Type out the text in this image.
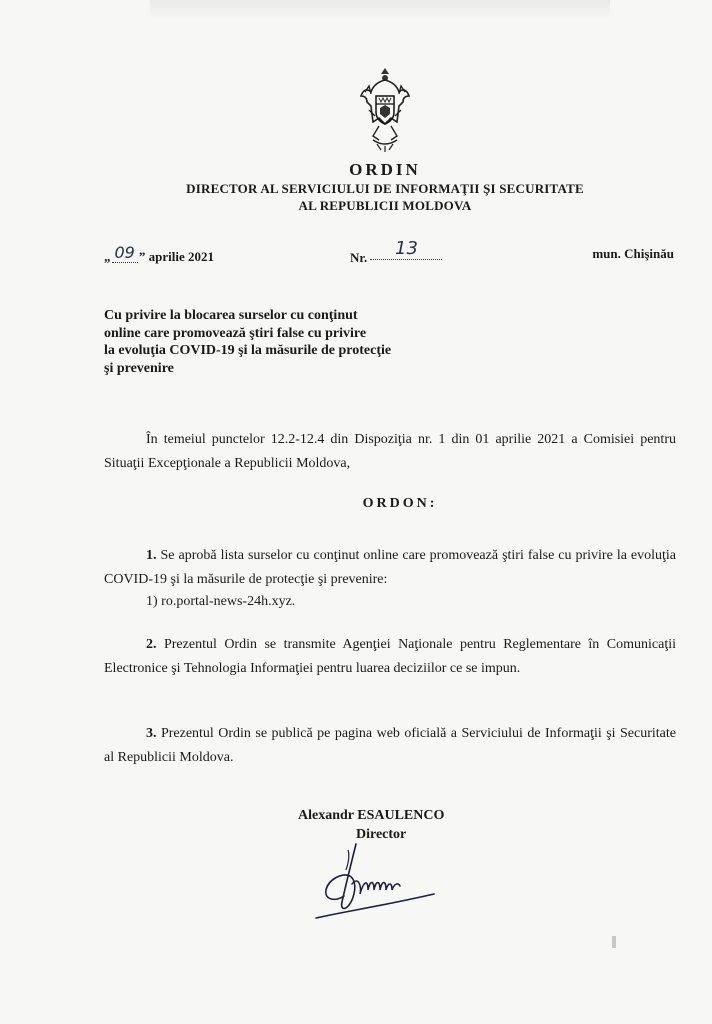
ORDIN
DIRECTOR AL SERVICIULUI DE INFORMAŢII ŞI SECURITATE
AL REPUBLICII MOLDOVA
„ 09 ” aprilie 2021	Nr. 13	mun. Chişinău
Cu privire la blocarea surselor cu conţinut
online care promovează ştiri false cu privire
la evoluţia COVID-19 şi la măsurile de protecţie
şi prevenire
În temeiul punctelor 12.2-12.4 din Dispoziţia nr. 1 din 01 aprilie 2021 a Comisiei pentru Situaţii Excepţionale a Republicii Moldova,
ORDON:
1. Se aprobă lista surselor cu conţinut online care promovează ştiri false cu privire la evoluţia COVID-19 şi la măsurile de protecţie şi prevenire:
1) ro.portal-news-24h.xyz.
2. Prezentul Ordin se transmite Agenţiei Naţionale pentru Reglementare în Comunicaţii Electronice şi Tehnologia Informaţiei pentru luarea deciziilor ce se impun.
3. Prezentul Ordin se publică pe pagina web oficială a Serviciului de Informaţii şi Securitate al Republicii Moldova.
Alexandr ESAULENCO
Director
